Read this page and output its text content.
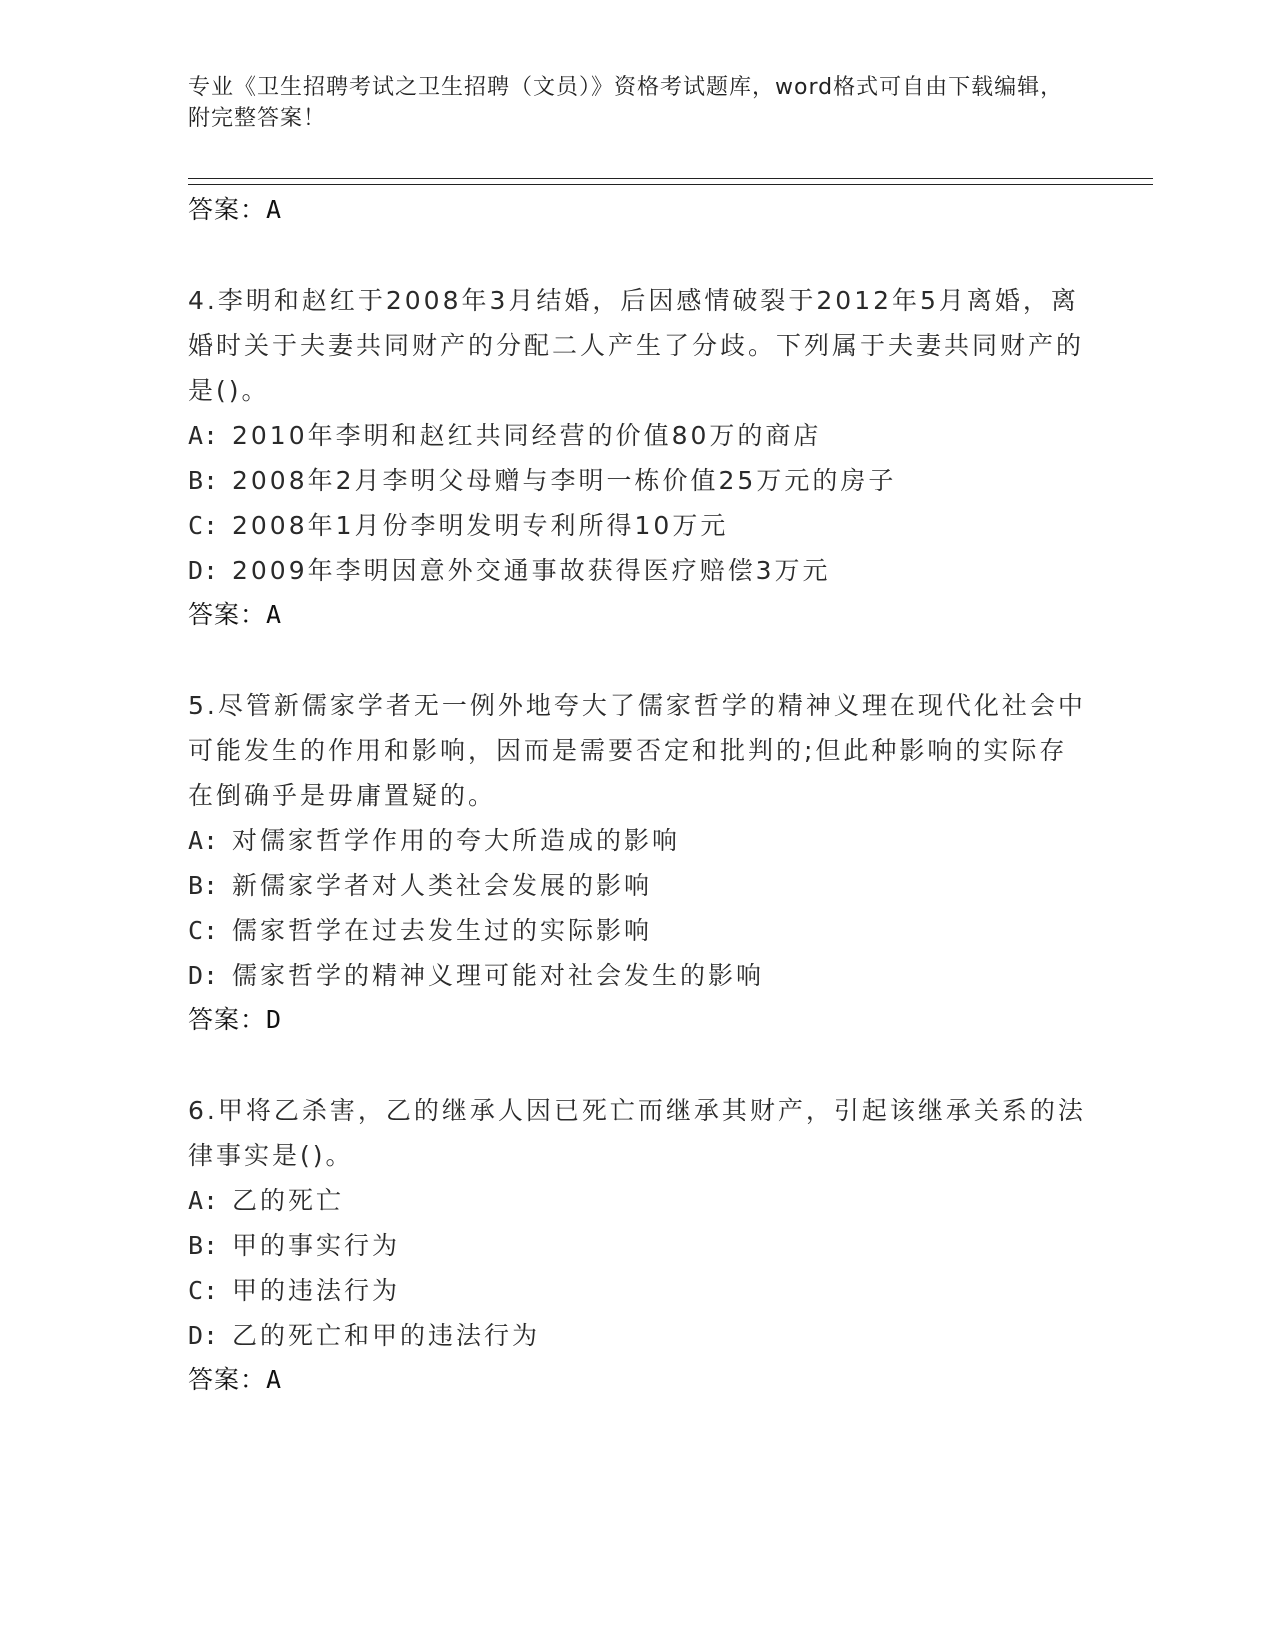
专业《卫生招聘考试之卫生招聘（文员）》资格考试题库，word格式可自由下载编辑，附完整答案！
答案：A
4.李明和赵红于2008年3月结婚，后因感情破裂于2012年5月离婚，离婚时关于夫妻共同财产的分配二人产生了分歧。下列属于夫妻共同财产的是()。
A: 2010年李明和赵红共同经营的价值80万的商店
B: 2008年2月李明父母赠与李明一栋价值25万元的房子
C: 2008年1月份李明发明专利所得10万元
D: 2009年李明因意外交通事故获得医疗赔偿3万元
答案：A
5.尽管新儒家学者无一例外地夸大了儒家哲学的精神义理在现代化社会中可能发生的作用和影响，因而是需要否定和批判的;但此种影响的实际存在倒确乎是毋庸置疑的。
A: 对儒家哲学作用的夸大所造成的影响
B: 新儒家学者对人类社会发展的影响
C: 儒家哲学在过去发生过的实际影响
D: 儒家哲学的精神义理可能对社会发生的影响
答案：D
6.甲将乙杀害，乙的继承人因已死亡而继承其财产，引起该继承关系的法律事实是()。
A: 乙的死亡
B: 甲的事实行为
C: 甲的违法行为
D: 乙的死亡和甲的违法行为
答案：A
